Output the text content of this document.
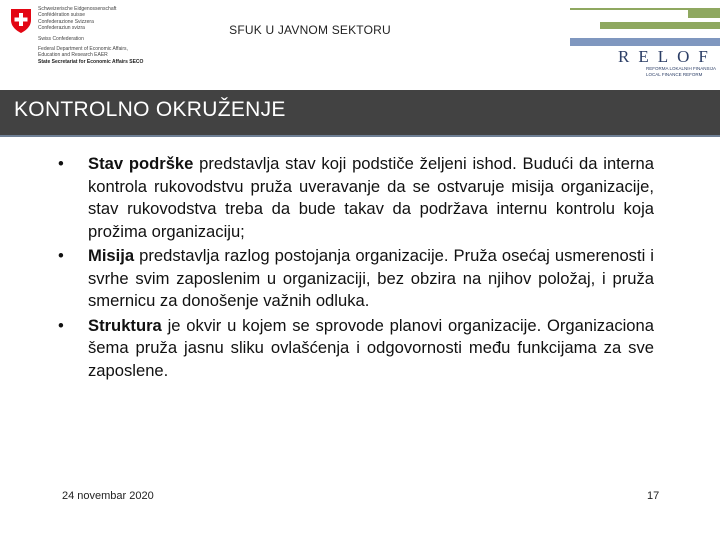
Schweizerische Eidgenossenschaft
Confédération suisse
Confederazione Svizzera
Confederaziun svizra
Swiss Confederation
Federal Department of Economic Affairs,
Education and Research EAER
State Secretariat for Economic Affairs SECO
SFUK U JAVNOM SEKTORU
RELOF
REFORMA LOKALNIH FINANSIJA
LOCAL FINANCE REFORM
KONTROLNO OKRUŽENJE
• Stav podrške predstavlja stav koji podstiče željeni ishod. Budući da interna kontrola rukovodstvu pruža uveravanje da se ostvaruje misija organizacije, stav rukovodstva treba da bude takav da podržava internu kontrolu koja prožima organizaciju;
• Misija predstavlja razlog postojanja organizacije. Pruža osećaj usmerenosti i svrhe svim zaposlenim u organizaciji, bez obzira na njihov položaj, i pruža smernicu za donošenje važnih odluka.
• Struktura je okvir u kojem se sprovode planovi organizacije. Organizaciona šema pruža jasnu sliku ovlašćenja i odgovornosti među funkcijama za sve zaposlene.
24 novembar 2020	17
